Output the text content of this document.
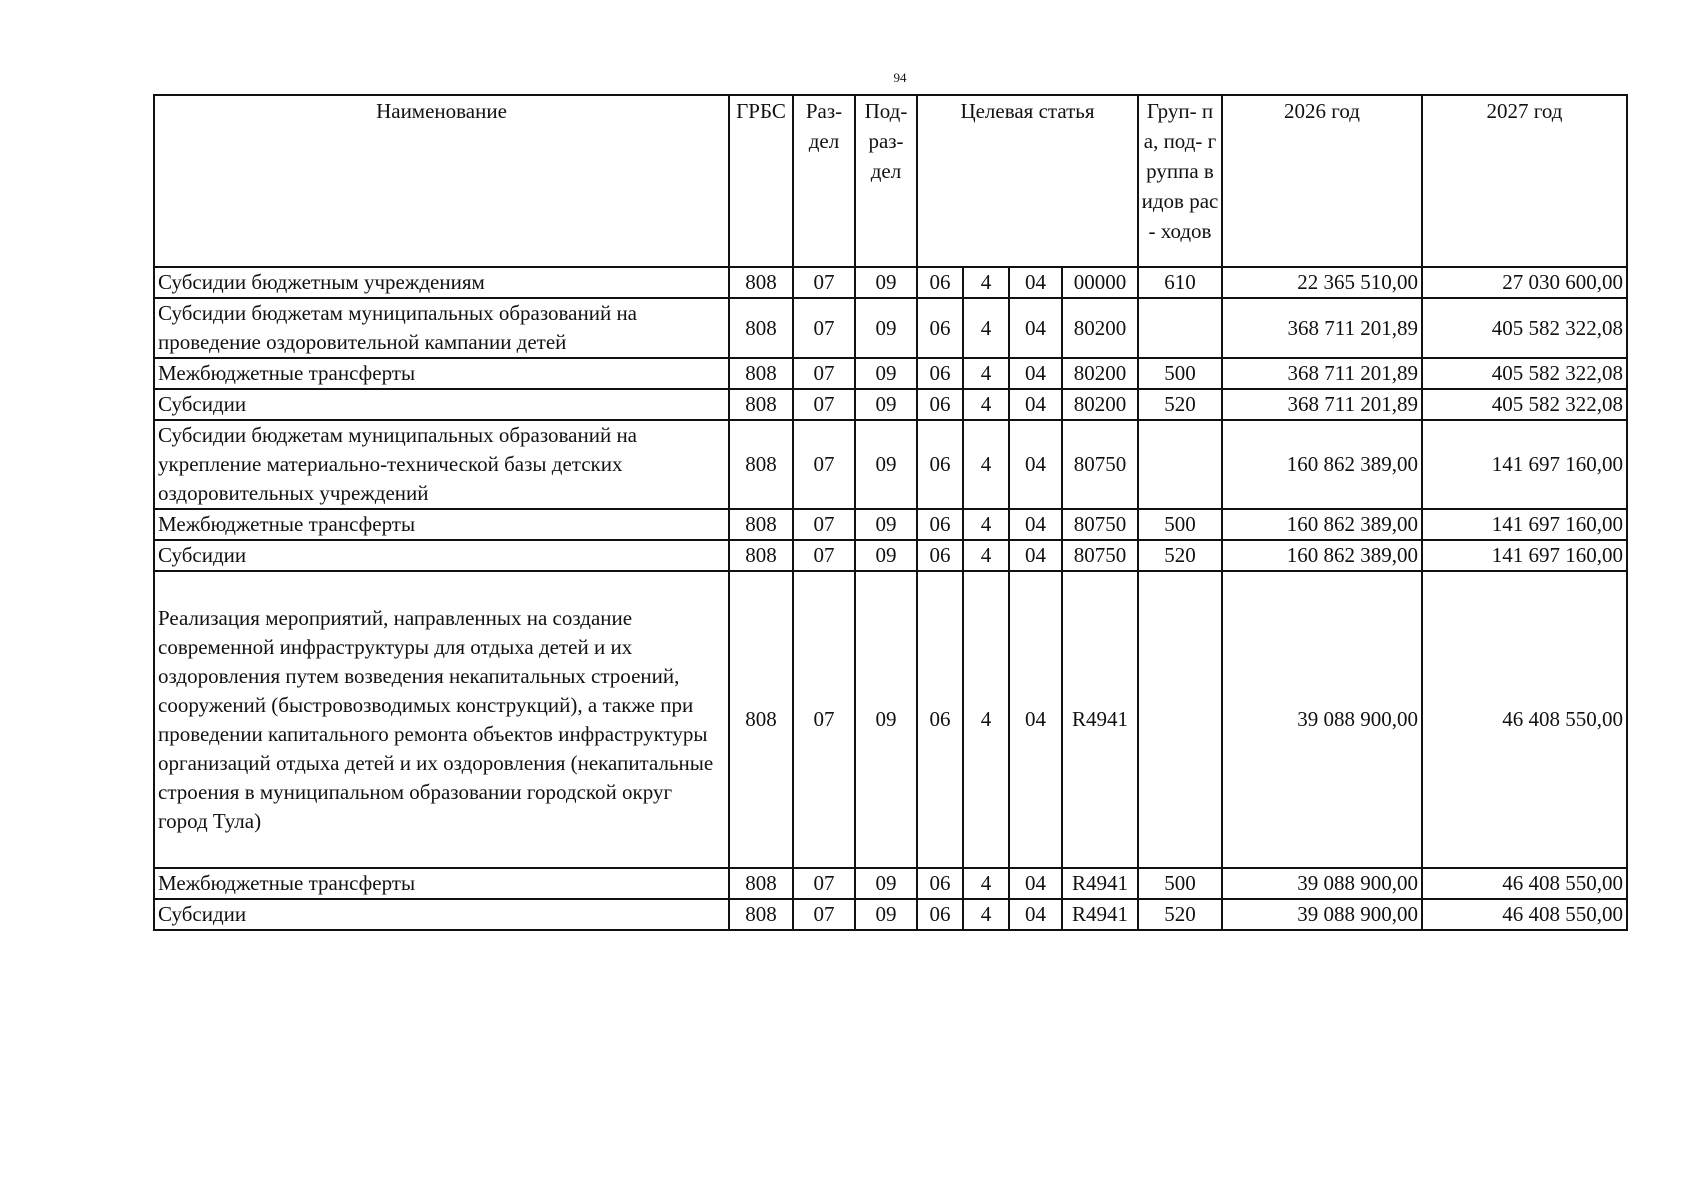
94
Наименование	ГРБС	Раз- дел	Под- раз- дел	Целевая статья				Груп- па, под- группа видов рас- ходов	2026 год	2027 год
Субсидии бюджетным учреждениям	808	07	09	06	4	04	00000	610	22 365 510,00	27 030 600,00
Субсидии бюджетам муниципальных образований на проведение оздоровительной кампании детей	808	07	09	06	4	04	80200		368 711 201,89	405 582 322,08
Межбюджетные трансферты	808	07	09	06	4	04	80200	500	368 711 201,89	405 582 322,08
Субсидии	808	07	09	06	4	04	80200	520	368 711 201,89	405 582 322,08
Субсидии бюджетам муниципальных образований на укрепление материально-технической базы детских оздоровительных учреждений	808	07	09	06	4	04	80750		160 862 389,00	141 697 160,00
Межбюджетные трансферты	808	07	09	06	4	04	80750	500	160 862 389,00	141 697 160,00
Субсидии	808	07	09	06	4	04	80750	520	160 862 389,00	141 697 160,00
Реализация мероприятий, направленных на создание современной инфраструктуры для отдыха детей и их оздоровления путем возведения некапитальных строений, сооружений (быстровозводимых конструкций), а также при проведении капитального ремонта объектов инфраструктуры организаций отдыха детей и их оздоровления (некапитальные строения в муниципальном образовании городской округ город Тула)	808	07	09	06	4	04	R4941		39 088 900,00	46 408 550,00
Межбюджетные трансферты	808	07	09	06	4	04	R4941	500	39 088 900,00	46 408 550,00
Субсидии	808	07	09	06	4	04	R4941	520	39 088 900,00	46 408 550,00
